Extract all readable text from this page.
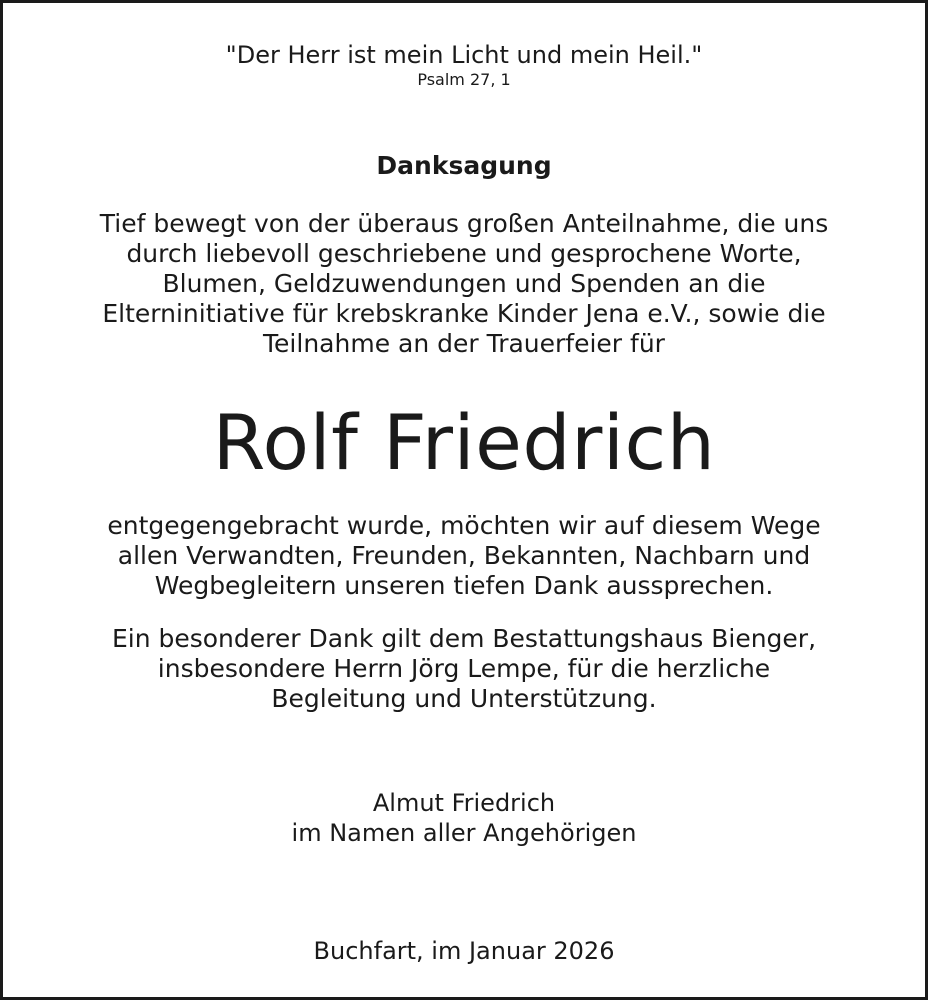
"Der Herr ist mein Licht und mein Heil."
Psalm 27, 1
Danksagung
Tief bewegt von der überaus großen Anteilnahme, die uns
durch liebevoll geschriebene und gesprochene Worte,
Blumen, Geldzuwendungen und Spenden an die
Elterninitiative für krebskranke Kinder Jena e.V., sowie die
Teilnahme an der Trauerfeier für
Rolf Friedrich
entgegengebracht wurde, möchten wir auf diesem Wege
allen Verwandten, Freunden, Bekannten, Nachbarn und
Wegbegleitern unseren tiefen Dank aussprechen.
Ein besonderer Dank gilt dem Bestattungshaus Bienger,
insbesondere Herrn Jörg Lempe, für die herzliche
Begleitung und Unterstützung.
Almut Friedrich
im Namen aller Angehörigen
Buchfart, im Januar 2026
